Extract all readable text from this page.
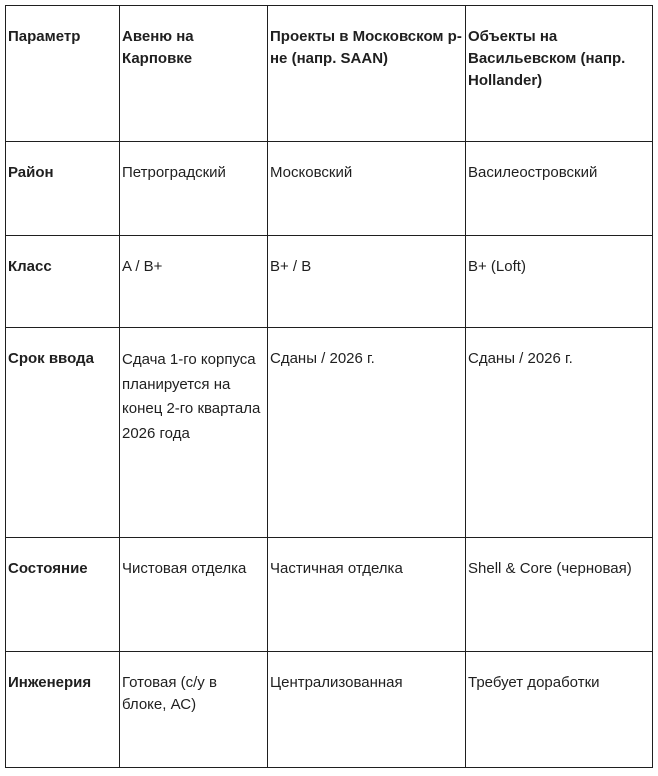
Параметр	Авеню на Карповке	Проекты в Московском р-не (напр. SAAN)	Объекты на Васильевском (напр. Hollander)
Район	Петроградский	Московский	Василеостровский
Класс	A / B+	B+ / B	B+ (Loft)
Срок ввода	Сдача 1-го корпуса планируется на конец 2-го квартала 2026 года	Сданы / 2026 г.	Сданы / 2026 г.
Состояние	Чистовая отделка	Частичная отделка	Shell & Core (черновая)
Инженерия	Готовая (с/у в блоке, АС)	Централизованная	Требует доработки
